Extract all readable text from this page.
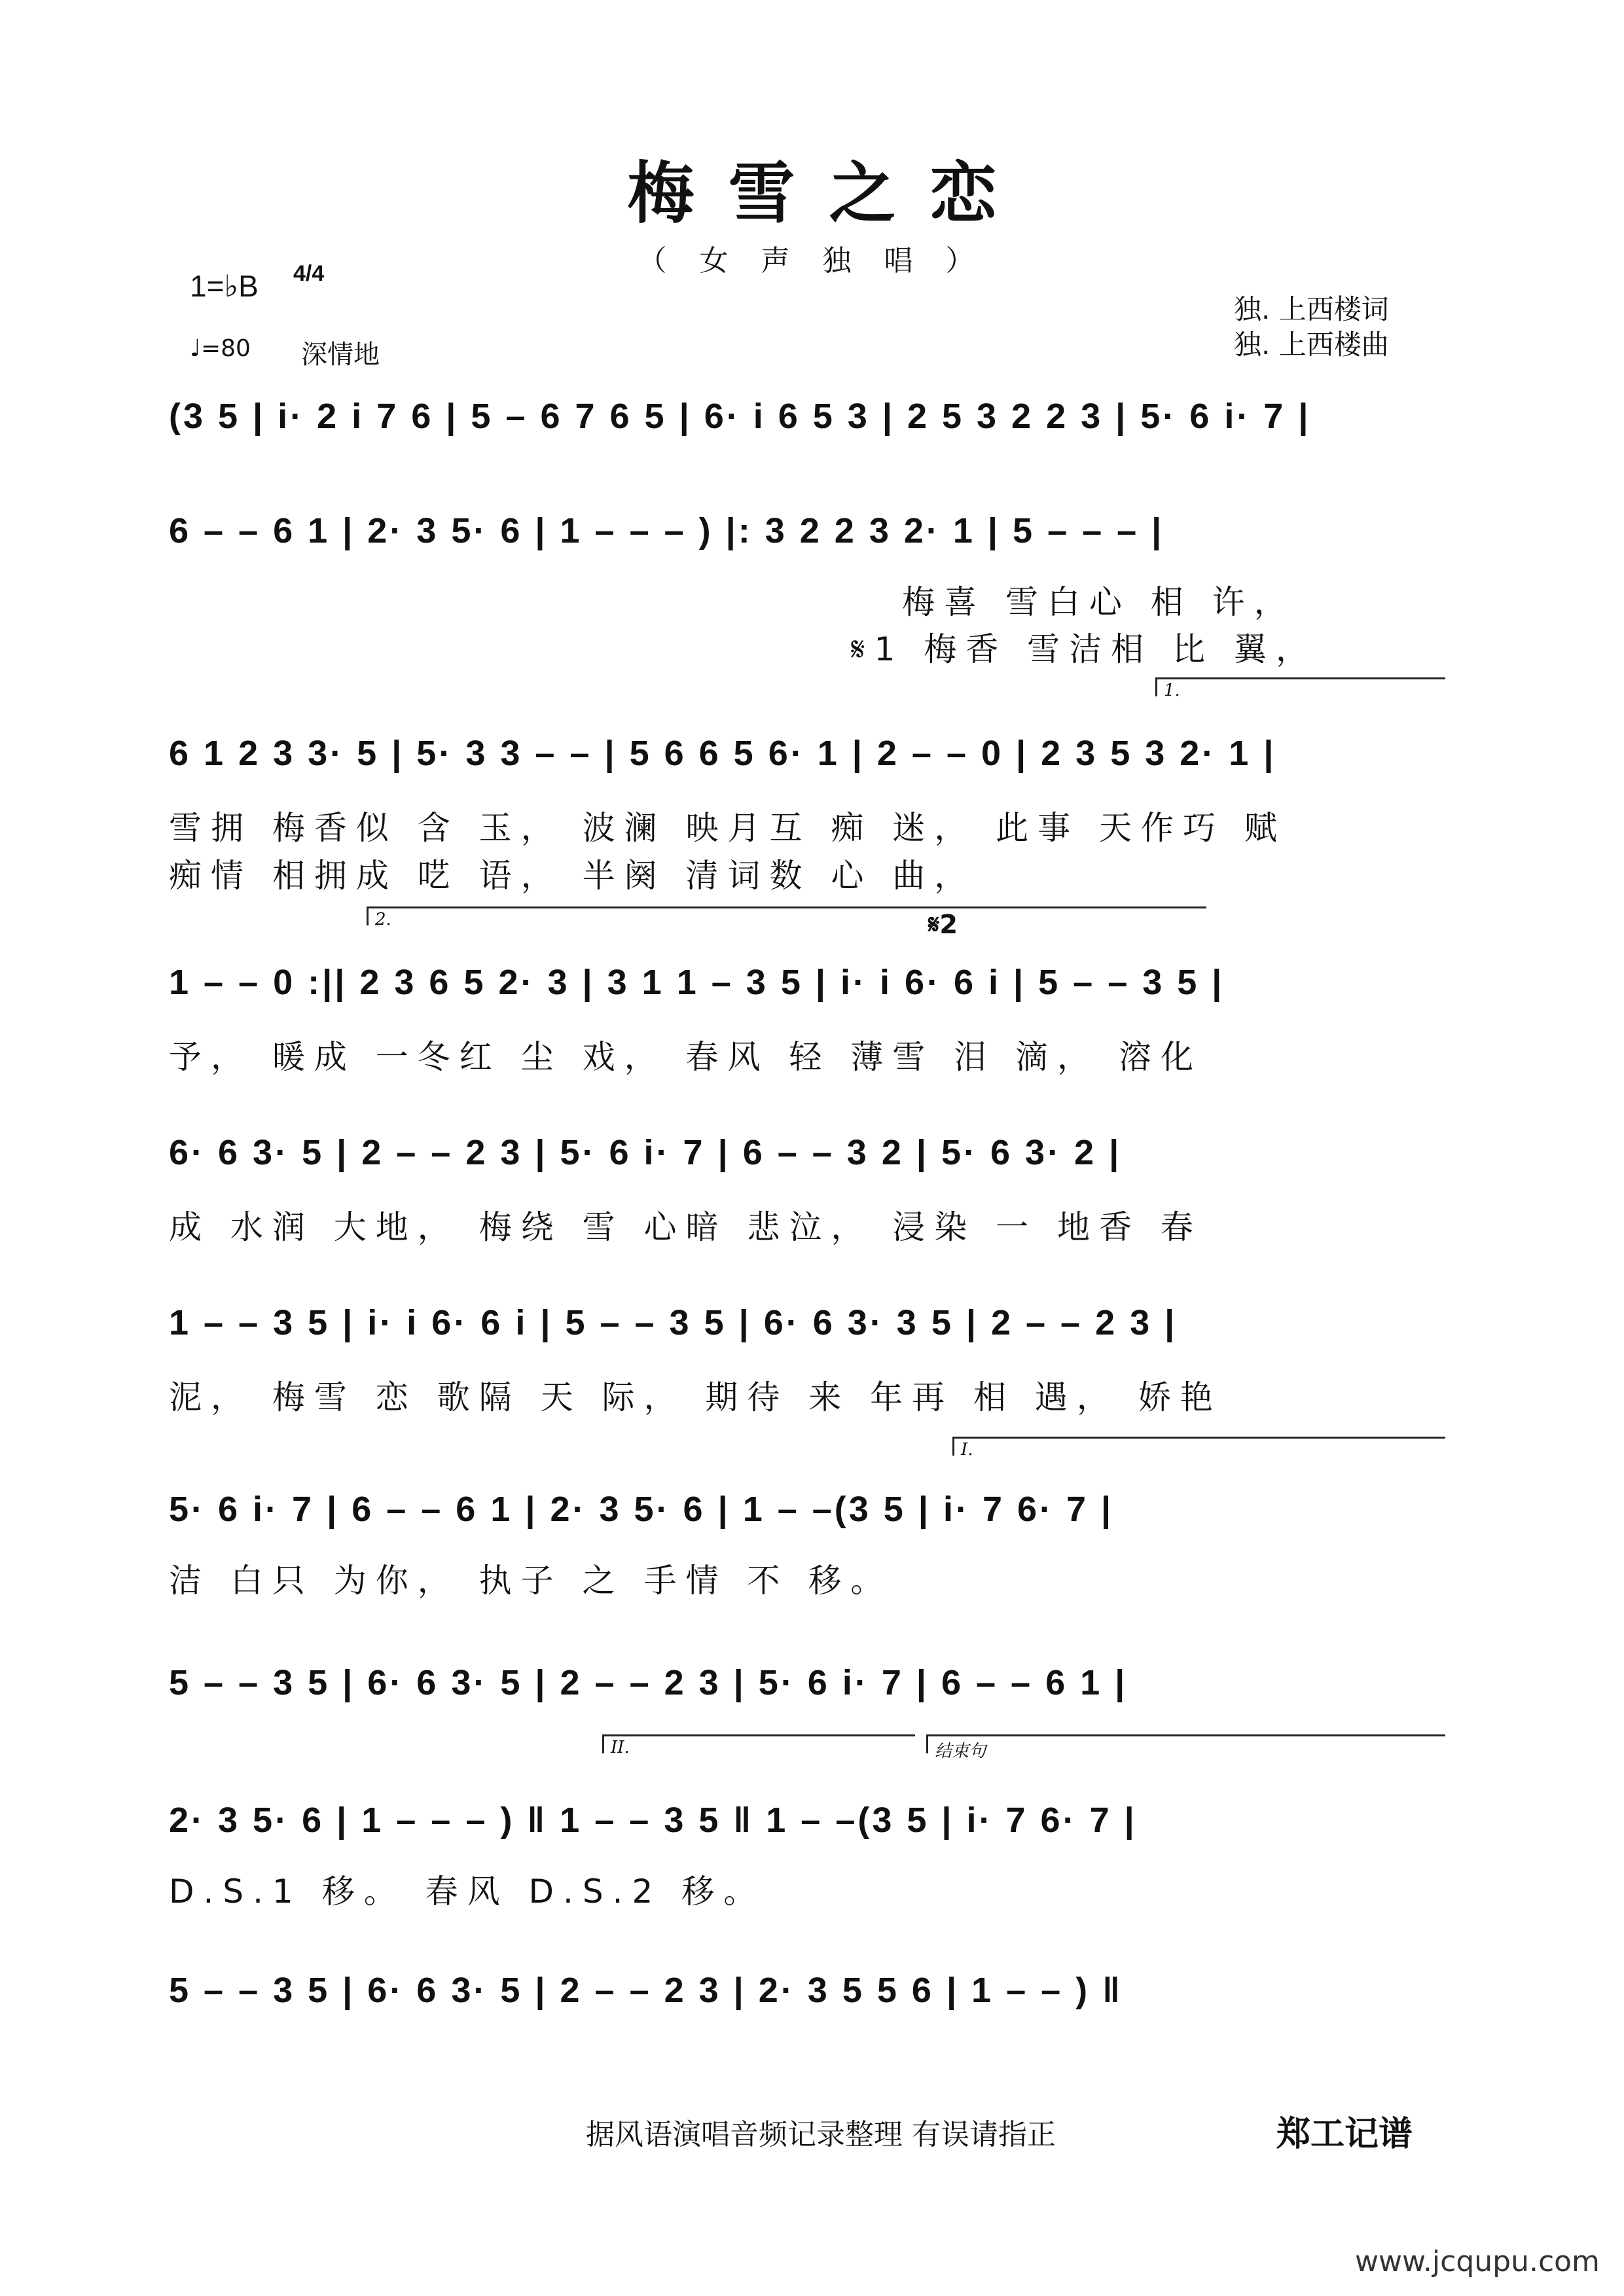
梅雪之恋
（ 女 声 独 唱 ）
1=♭B 4/4
♩=80 深情地
独. 上西楼词
独. 上西楼曲
(3 5 | i· 2 i 7 6 | 5 – 6 7 6 5 | 6· i 6 5 3 | 2 5 3 2 2 3 | 5· 6 i· 7 |
6 – – 6 1 | 2· 3 5· 6 | 1 – – – ) |: 3 2 2 3 2· 1 | 5 – – – |
梅喜 雪白心 相 许，
𝄋1 梅香 雪洁相 比 翼，
1.
6 1 2 3 3· 5 | 5· 3 3 – – | 5 6 6 5 6· 1 | 2 – – 0 | 2 3 5 3 2· 1 |
雪拥 梅香似 含 玉， 波澜 映月互 痴 迷， 此事 天作巧 赋
痴情 相拥成 呓 语， 半阕 清词数 心 曲，
2.	𝄋2
1 – – 0 :|| 2 3 6 5 2· 3 | 3 1 1 – 3 5 | i· i 6· 6 i | 5 – – 3 5 |
予， 暖成 一冬红 尘 戏， 春风 轻 薄雪 泪 滴， 溶化
6· 6 3· 5 | 2 – – 2 3 | 5· 6 i· 7 | 6 – – 3 2 | 5· 6 3· 2 |
成 水润 大地， 梅绕 雪 心暗 悲泣， 浸染 一 地香 春
1 – – 3 5 | i· i 6· 6 i | 5 – – 3 5 | 6· 6 3· 3 5 | 2 – – 2 3 |
泥， 梅雪 恋 歌隔 天 际， 期待 来 年再 相 遇， 娇艳
I.
5· 6 i· 7 | 6 – – 6 1 | 2· 3 5· 6 | 1 – –(3 5 | i· 7 6· 7 |
洁 白只 为你， 执子 之 手情 不 移。
5 – – 3 5 | 6· 6 3· 5 | 2 – – 2 3 | 5· 6 i· 7 | 6 – – 6 1 |
II.	结束句
2· 3 5· 6 | 1 – – – ) ‖ 1 – – 3 5 ‖ 1 – –(3 5 | i· 7 6· 7 |
D.S.1 移。 春风 D.S.2 移。
5 – – 3 5 | 6· 6 3· 5 | 2 – – 2 3 | 2· 3 5 5 6 | 1 – – ) ‖
据风语演唱音频记录整理 有误请指正	郑工记谱
www.jcqupu.com
